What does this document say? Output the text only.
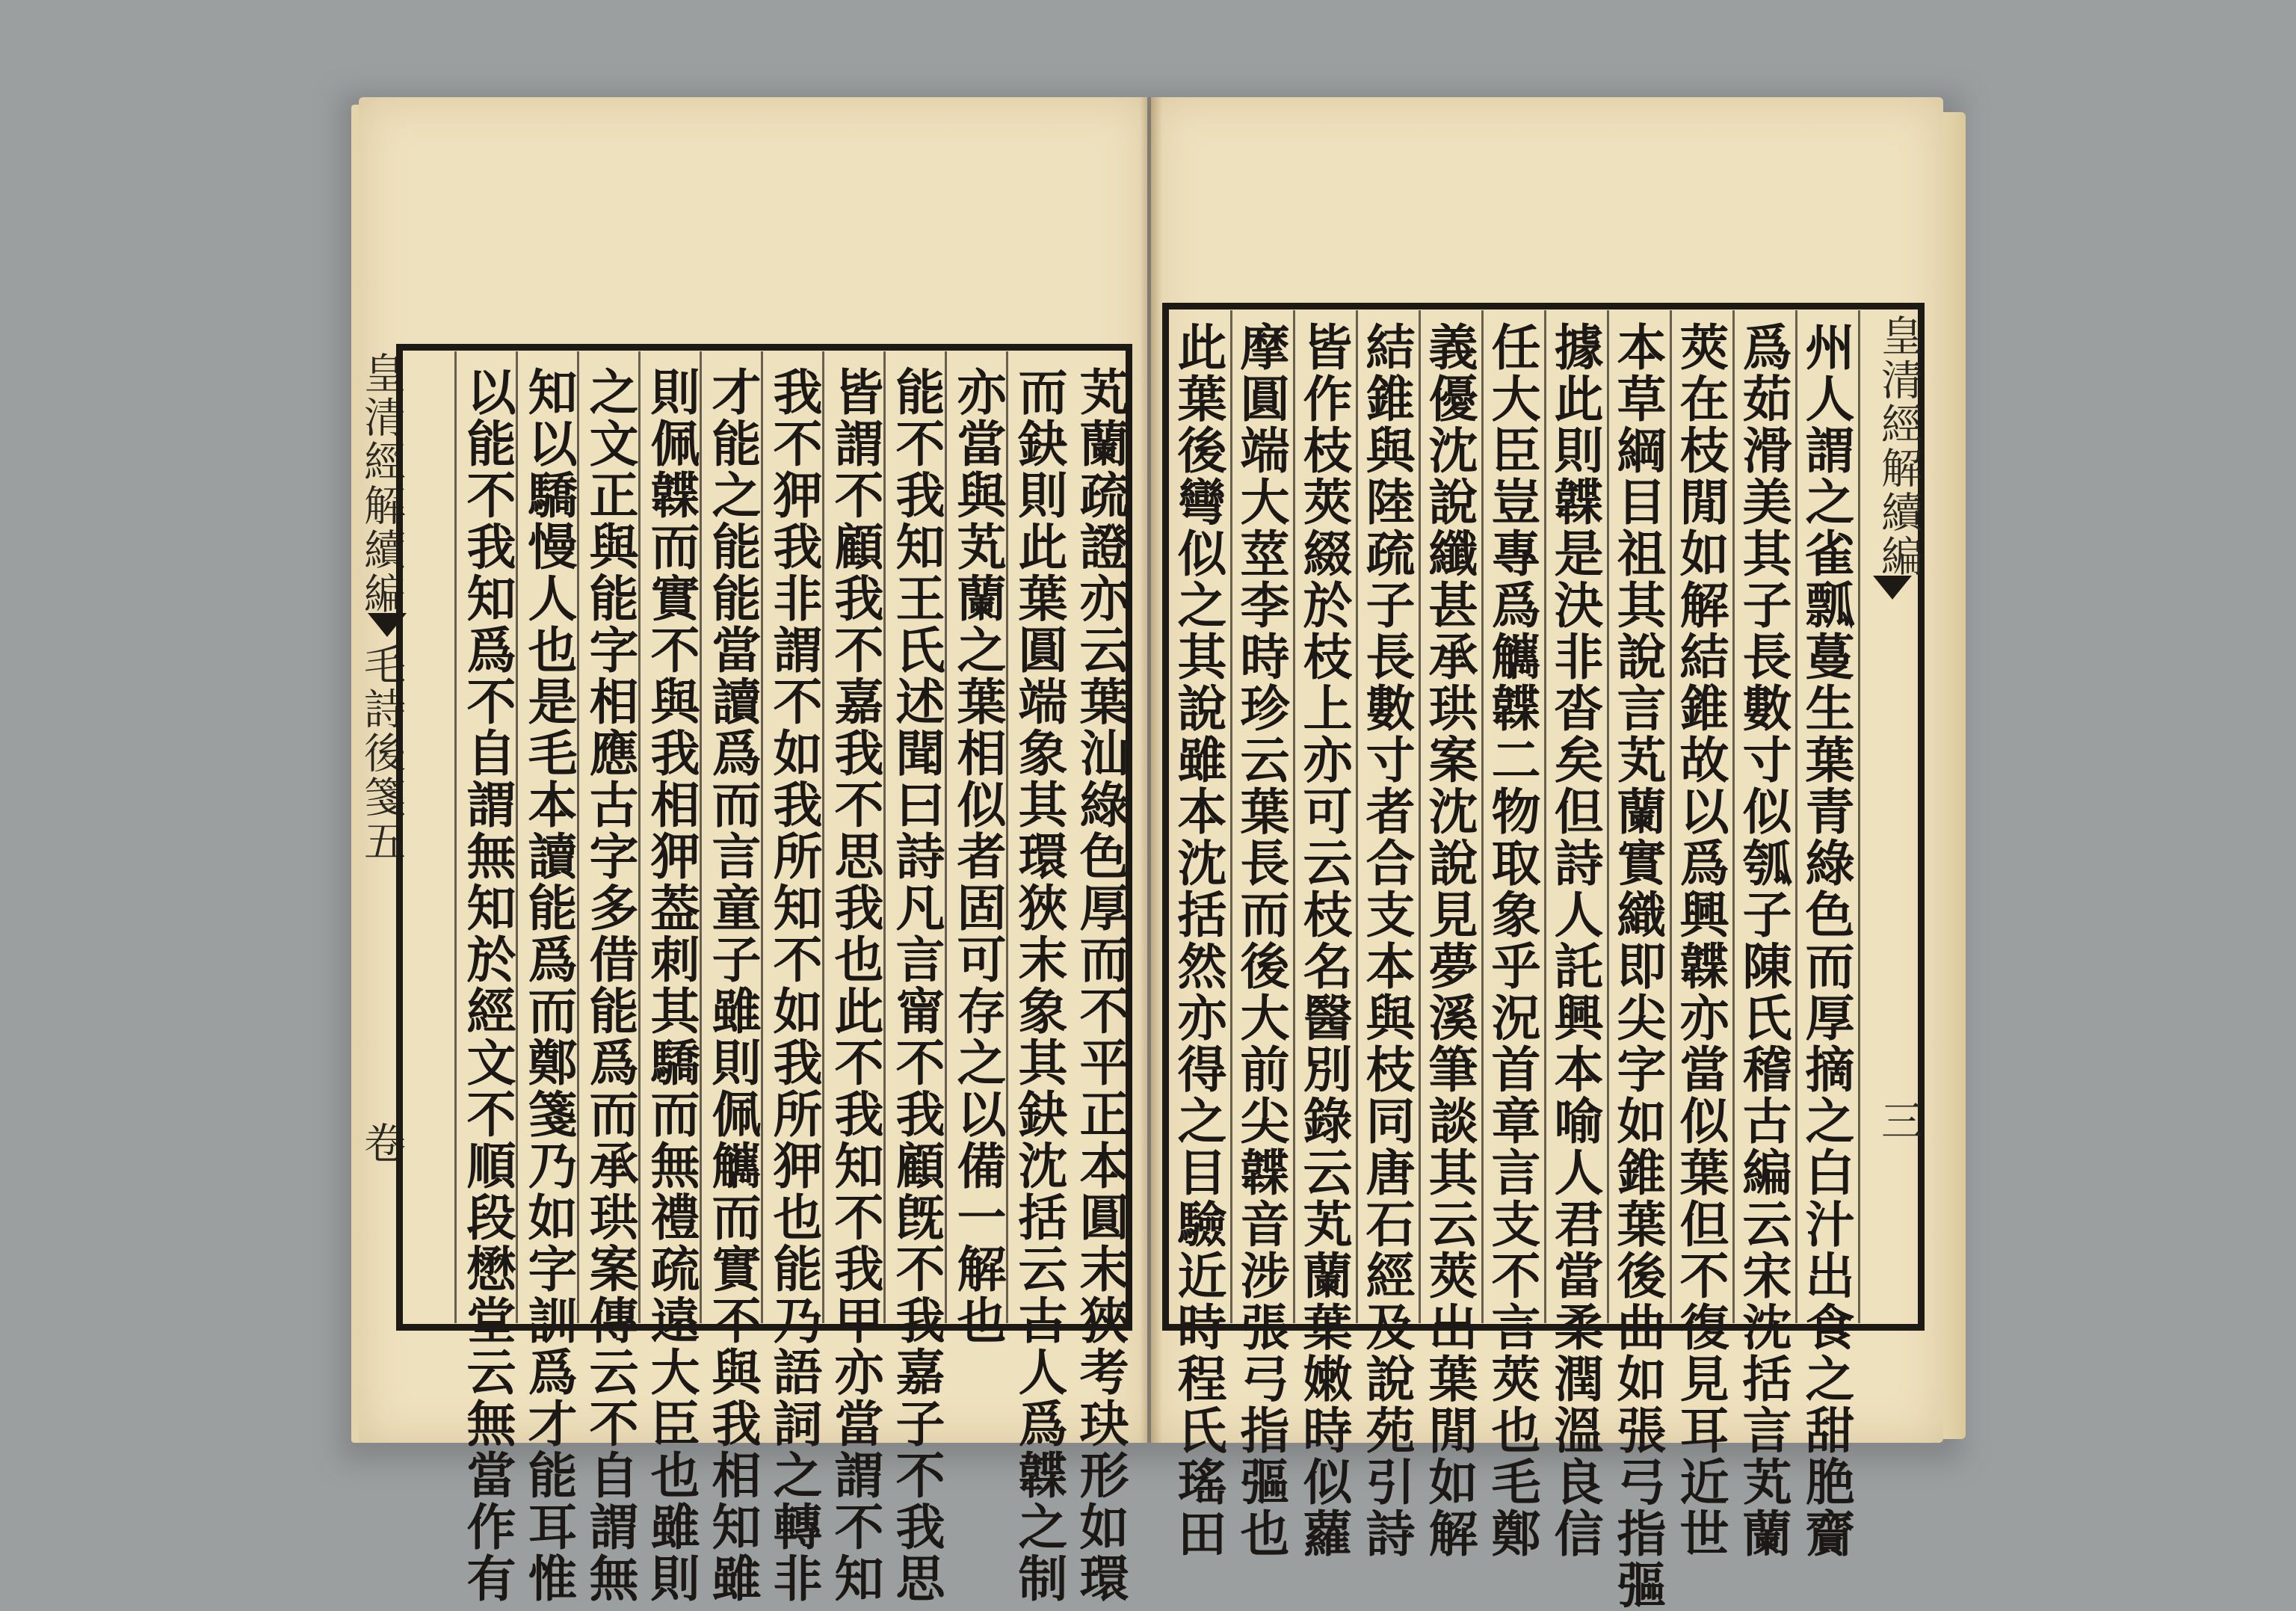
皇清經解續編
毛詩後箋五
卷	芄蘭疏證亦云葉汕綠色厚而不平正本圓末狹考玦形如環
而鈌則此葉圓端象其環狹末象其鈌沈括云古人爲韘之制
亦當與芄蘭之葉相似者固可存之以備一解也
能不我知王氏述聞曰詩凡言甯不我顧旣不我嘉子不我思
皆謂不顧我不嘉我不思我也此不我知不我甲亦當謂不知
我不狎我非謂不如我所知不如我所狎也能乃語詞之轉非
才能之能能當讀爲而言童子雖則佩觽而實不與我相知雖
則佩韘而實不與我相狎葢刺其驕而無禮疏遠大臣也雖則
之文正與能字相應古字多借能爲而承珙案傳云不自謂無
知以驕慢人也是毛本讀能爲而鄭箋乃如字訓爲才能耳惟
以能不我知爲不自謂無知於經文不順段懋堂云無當作有	州人謂之雀瓢蔓生葉青綠色而厚摘之白汁出食之甜脃齎
爲茹滑美其子長數寸似瓠子陳氏稽古編云宋沈括言芄蘭
莢在枝閒如解結錐故以爲興韘亦當似葉但不復見耳近世
本草綱目祖其說言芄蘭實織即尖字如錐葉後曲如張弓指彄
據此則韘是決非沓矣但詩人託興本喻人君當柔潤溫良信
任大臣豈專爲觽韘二物取象乎況首章言支不言莢也毛鄭
義優沈說纖甚承珙案沈說見夢溪筆談其云莢出葉閒如解
結錐與陸疏子長數寸者合支本與枝同唐石經及說苑引詩
皆作枝莢綴於枝上亦可云枝名醫別錄云芄蘭葉嫩時似蘿
摩圓端大莖李時珍云葉長而後大前尖韘音涉張弓指彄也
此葉後彎似之其說雖本沈括然亦得之目驗近時程氏瑤田	皇清經解續編
三
